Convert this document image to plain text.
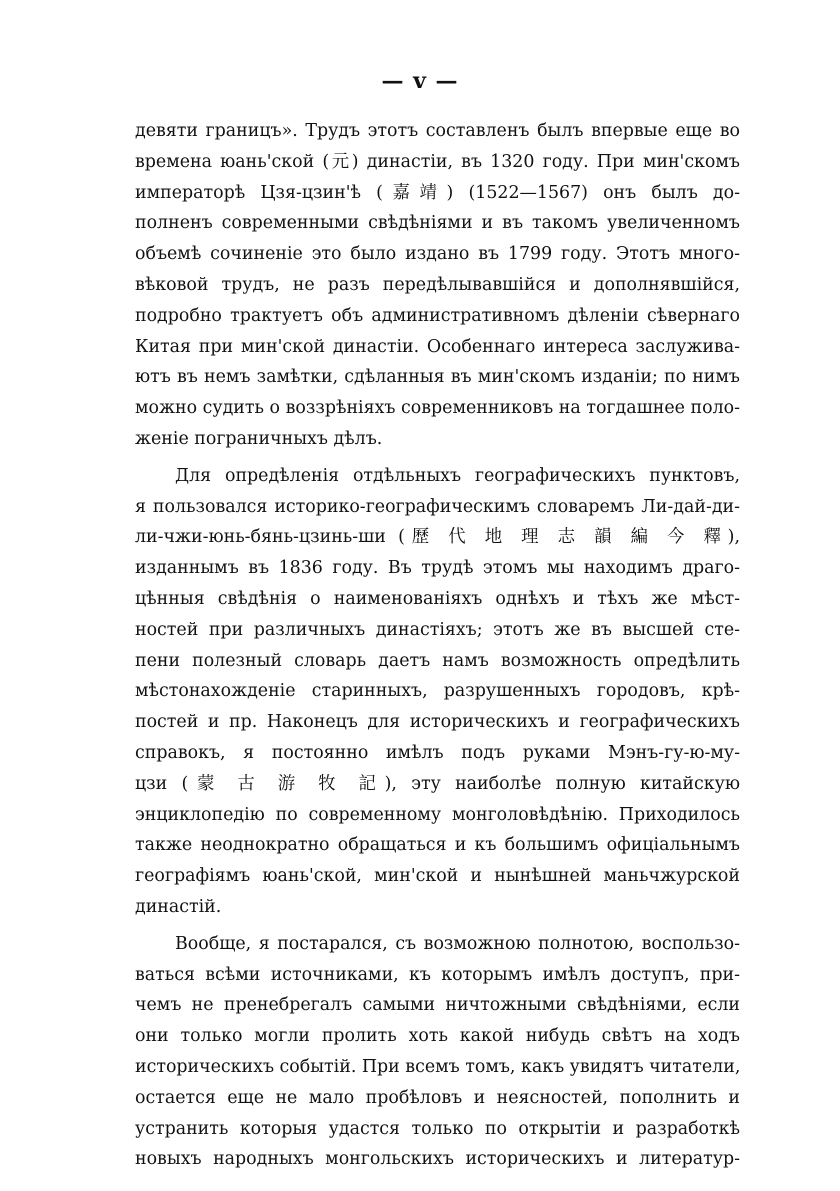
— v —
девяти границъ». Трудъ этотъ составленъ былъ впервые еще во
времена юань'ской (元) династіи, въ 1320 году. При мин'скомъ
императорѣ Цзя-цзин'ѣ (嘉靖) (1522—1567) онъ былъ до-
полненъ современными свѣдѣніями и въ такомъ увеличенномъ
объемѣ сочиненіе это было издано въ 1799 году. Этотъ много-
вѣковой трудъ, не разъ передѣлывавшійся и дополнявшійся,
подробно трактуетъ объ административномъ дѣленіи сѣвернаго
Китая при мин'ской династіи. Особеннаго интереса заслужива-
ютъ въ немъ замѣтки, сдѣланныя въ мин'скомъ изданіи; по нимъ
можно судить о воззрѣніяхъ современниковъ на тогдашнее поло-
женіе пограничныхъ дѣлъ.
Для опредѣленія отдѣльныхъ географическихъ пунктовъ,
я пользовался историко-географическимъ словаремъ Ли-дай-ди-
ли-чжи-юнь-бянь-цзинь-ши (歷 代 地 理 志 韻 編 今 釋),
изданнымъ въ 1836 году. Въ трудѣ этомъ мы находимъ драго-
цѣнныя свѣдѣнія о наименованіяхъ однѣхъ и тѣхъ же мѣст-
ностей при различныхъ династіяхъ; этотъ же въ высшей сте-
пени полезный словарь даетъ намъ возможность опредѣлить
мѣстонахожденіе старинныхъ, разрушенныхъ городовъ, крѣ-
постей и пр. Наконецъ для историческихъ и географическихъ
справокъ, я постоянно имѣлъ подъ руками Мэнъ-гу-ю-му-
цзи (蒙 古 游 牧 記), эту наиболѣе полную китайскую
энциклопедію по современному монголовѣдѣнію. Приходилось
также неоднократно обращаться и къ большимъ офиціальнымъ
географіямъ юань'ской, мин'ской и нынѣшней маньчжурской
династій.
Вообще, я постарался, съ возможною полнотою, воспользо-
ваться всѣми источниками, къ которымъ имѣлъ доступъ, при-
чемъ не пренебрегалъ самыми ничтожными свѣдѣніями, если
они только могли пролить хоть какой нибудь свѣтъ на ходъ
историческихъ событій. При всемъ томъ, какъ увидятъ читатели,
остается еще не мало пробѣловъ и неясностей, пополнить и
устранить которыя удастся только по открытіи и разработкѣ
новыхъ народныхъ монгольскихъ историческихъ и литератур-
